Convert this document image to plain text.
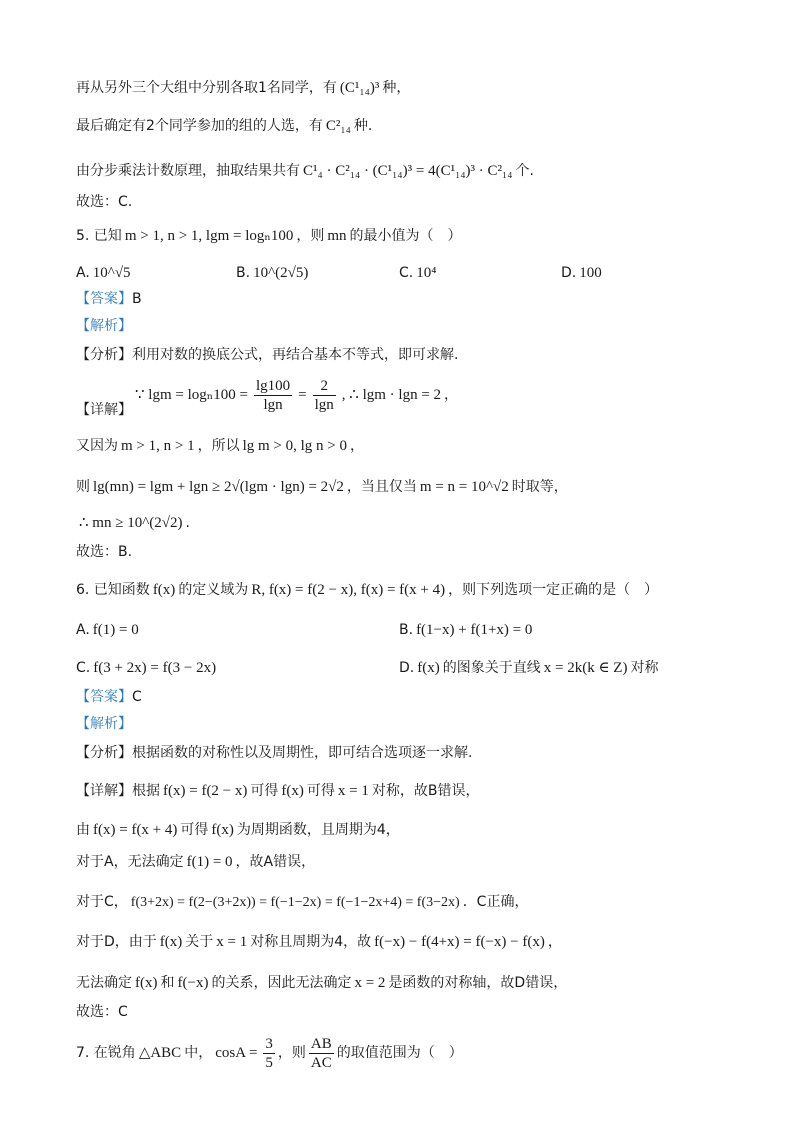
再从另外三个大组中分别各取1名同学，有 (C¹₁₄)³ 种，
最后确定有2个同学参加的组的人选，有 C²₁₄ 种.
由分步乘法计数原理，抽取结果共有 C¹₄ · C²₁₄ · (C¹₁₄)³ = 4(C¹₁₄)³ · C²₁₄ 个.
故选：C.
5. 已知 m > 1, n > 1, lgm = logₙ100 ，则 mn 的最小值为（　）
A. 10^√5	B. 10^(2√5)	C. 10⁴	D. 100
【答案】B
【解析】
【分析】利用对数的换底公式，再结合基本不等式，即可求解.
【详解】
∵ $\lg m = \log_n100 = \frac{\lg 100}{\lg n} = \frac{2}{\lg n}$ , ∴ lgm · lgn = 2 ，
又因为 m > 1, n > 1 ，所以 lg m > 0, lg n > 0 ，
则 lg(mn) = lgm + lgn ≥ 2√(lgm · lgn) = 2√2 ，当且仅当 m = n = 10^√2 时取等，
∴ mn ≥ 10^(2√2) .
故选：B.
6. 已知函数 f(x) 的定义域为 R, f(x) = f(2 − x), f(x) = f(x + 4) ，则下列选项一定正确的是（　）
A. f(1) = 0	B. f(1−x) + f(1+x) = 0
C. f(3 + 2x) = f(3 − 2x)	D. f(x) 的图象关于直线 x = 2k(k ∈ Z) 对称
【答案】C
【解析】
【分析】根据函数的对称性以及周期性，即可结合选项逐一求解.
【详解】根据 f(x) = f(2 − x) 可得 f(x) 可得 x = 1 对称，故B错误，
由 f(x) = f(x + 4) 可得 f(x) 为周期函数，且周期为4，
对于A，无法确定 f(1) = 0 ，故A错误，
对于C， f(3+2x) = f(2−(3+2x)) = f(−1−2x) = f(−1−2x+4) = f(3−2x) ．C正确，
对于D，由于 f(x) 关于 x = 1 对称且周期为4，故 f(−x) − f(4+x) = f(−x) − f(x) ，
无法确定 f(x) 和 f(−x) 的关系，因此无法确定 x = 2 是函数的对称轴，故D错误，
故选：C
7. 在锐角 △ABC 中， $\cos A = \frac{3}{5}$ ，则 $\frac{AB}{AC}$ 的取值范围为（　）
